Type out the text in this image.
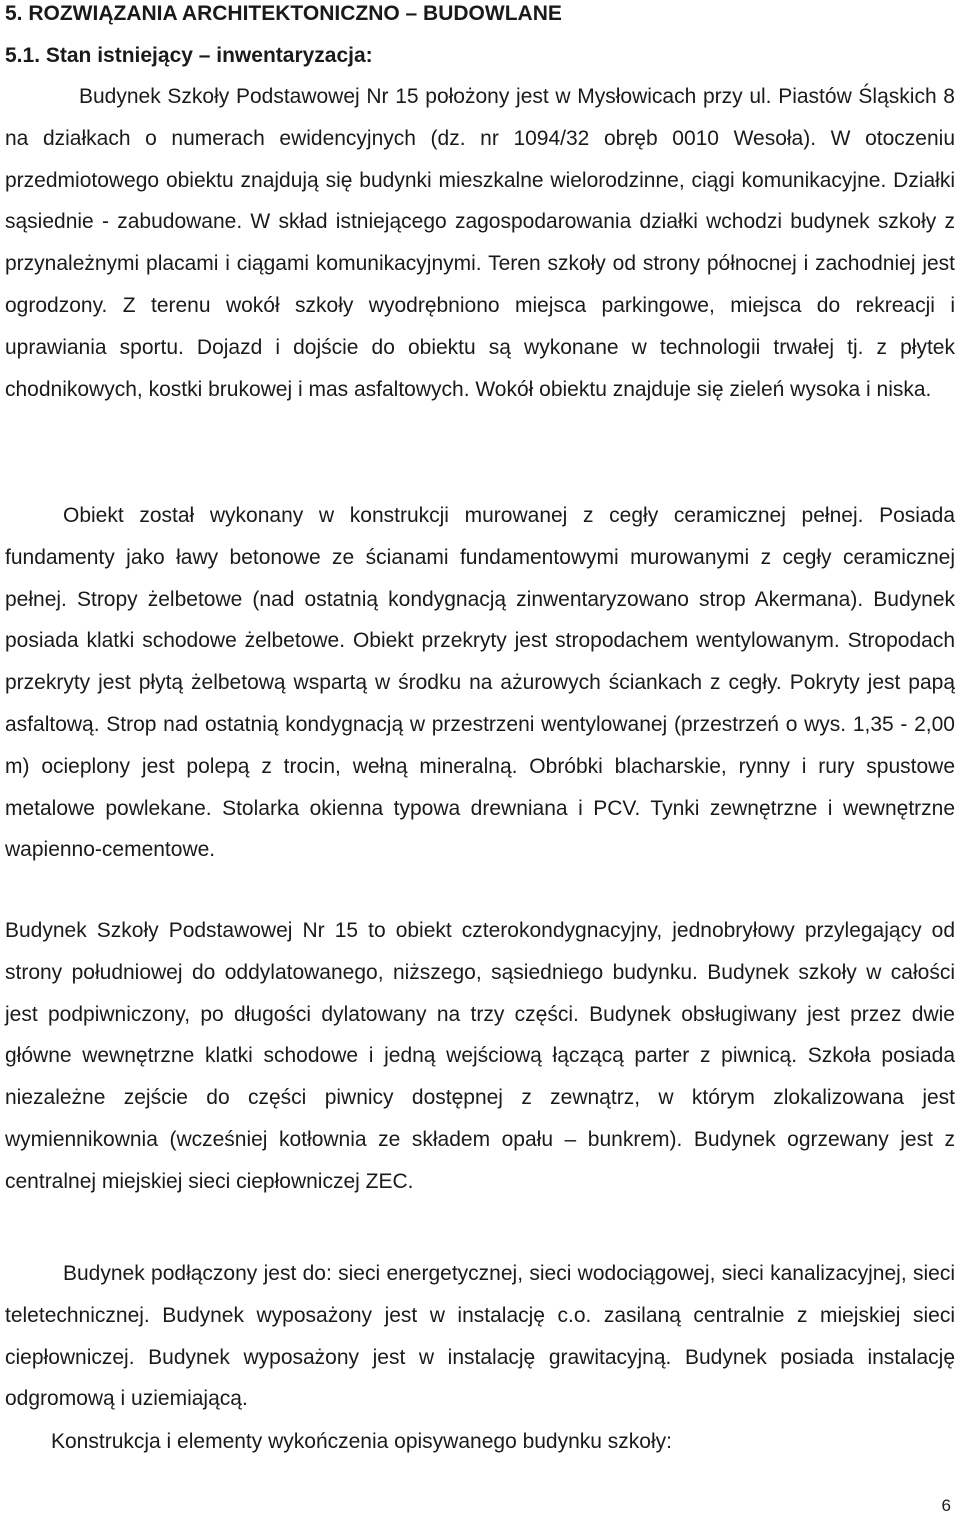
5. ROZWIĄZANIA ARCHITEKTONICZNO – BUDOWLANE
5.1. Stan istniejący – inwentaryzacja:

Budynek Szkoły Podstawowej Nr 15 położony jest w Mysłowicach przy ul. Piastów Śląskich 8 na działkach o numerach ewidencyjnych (dz. nr 1094/32 obręb 0010 Wesoła). W otoczeniu przedmiotowego obiektu znajdują się budynki mieszkalne wielorodzinne, ciągi komunikacyjne. Działki sąsiednie - zabudowane. W skład istniejącego zagospodarowania działki wchodzi budynek szkoły z przynależnymi placami i ciągami komunikacyjnymi. Teren szkoły od strony północnej i zachodniej jest ogrodzony. Z terenu wokół szkoły wyodrębniono miejsca parkingowe, miejsca do rekreacji i uprawiania sportu. Dojazd i dojście do obiektu są wykonane w technologii trwałej tj. z płytek chodnikowych, kostki brukowej i mas asfaltowych. Wokół obiektu znajduje się zieleń wysoka i niska.

Obiekt został wykonany w konstrukcji murowanej z cegły ceramicznej pełnej. Posiada fundamenty jako ławy betonowe ze ścianami fundamentowymi murowanymi z cegły ceramicznej pełnej. Stropy żelbetowe (nad ostatnią kondygnacją zinwentaryzowano strop Akermana). Budynek posiada klatki schodowe żelbetowe. Obiekt przekryty jest stropodachem wentylowanym. Stropodach przekryty jest płytą żelbetową wspartą w środku na ażurowych ściankach z cegły. Pokryty jest papą asfaltową. Strop nad ostatnią kondygnacją w przestrzeni wentylowanej (przestrzeń o wys. 1,35 - 2,00 m) ocieplony jest polepą z trocin, wełną mineralną. Obróbki blacharskie, rynny i rury spustowe metalowe powlekane. Stolarka okienna typowa drewniana i PCV. Tynki zewnętrzne i wewnętrzne wapienno-cementowe.

Budynek Szkoły Podstawowej Nr 15 to obiekt czterokondygnacyjny, jednobryłowy przylegający od strony południowej do oddylatowanego, niższego, sąsiedniego budynku. Budynek szkoły w całości jest podpiwniczony, po długości dylatowany na trzy części. Budynek obsługiwany jest przez dwie główne wewnętrzne klatki schodowe i jedną wejściową łączącą parter z piwnicą. Szkoła posiada niezależne zejście do części piwnicy dostępnej z zewnątrz, w którym zlokalizowana jest wymiennikownia (wcześniej kotłownia ze składem opału – bunkrem). Budynek ogrzewany jest z centralnej miejskiej sieci ciepłowniczej ZEC.

Budynek podłączony jest do: sieci energetycznej, sieci wodociągowej, sieci kanalizacyjnej, sieci teletechnicznej. Budynek wyposażony jest w instalację c.o. zasilaną centralnie z miejskiej sieci ciepłowniczej. Budynek wyposażony jest w instalację grawitacyjną. Budynek posiada instalację odgromową i uziemiającą.

Konstrukcja i elementy wykończenia opisywanego budynku szkoły:

6
